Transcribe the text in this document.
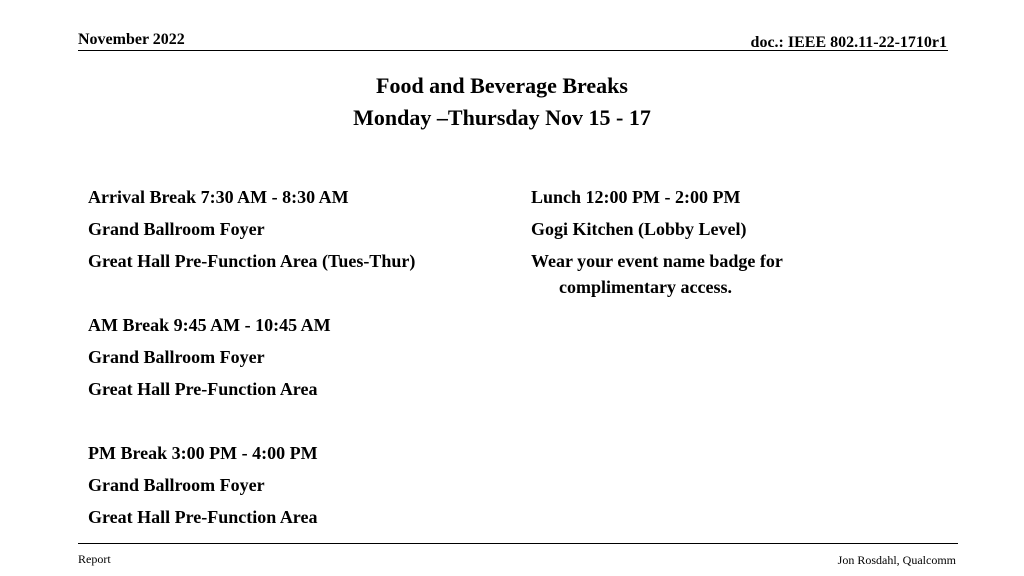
November 2022	doc.: IEEE 802.11-22-1710r1
Food and Beverage Breaks
Monday –Thursday Nov 15 - 17
Arrival Break 7:30 AM - 8:30 AM
Grand Ballroom Foyer
Great Hall Pre-Function Area (Tues-Thur)
AM Break 9:45 AM - 10:45 AM
Grand Ballroom Foyer
Great Hall Pre-Function Area
PM Break 3:00 PM - 4:00 PM
Grand Ballroom Foyer
Great Hall Pre-Function Area
Lunch 12:00 PM - 2:00 PM
Gogi Kitchen (Lobby Level)
Wear your event name badge for complimentary access.
Report	Jon Rosdahl, Qualcomm
